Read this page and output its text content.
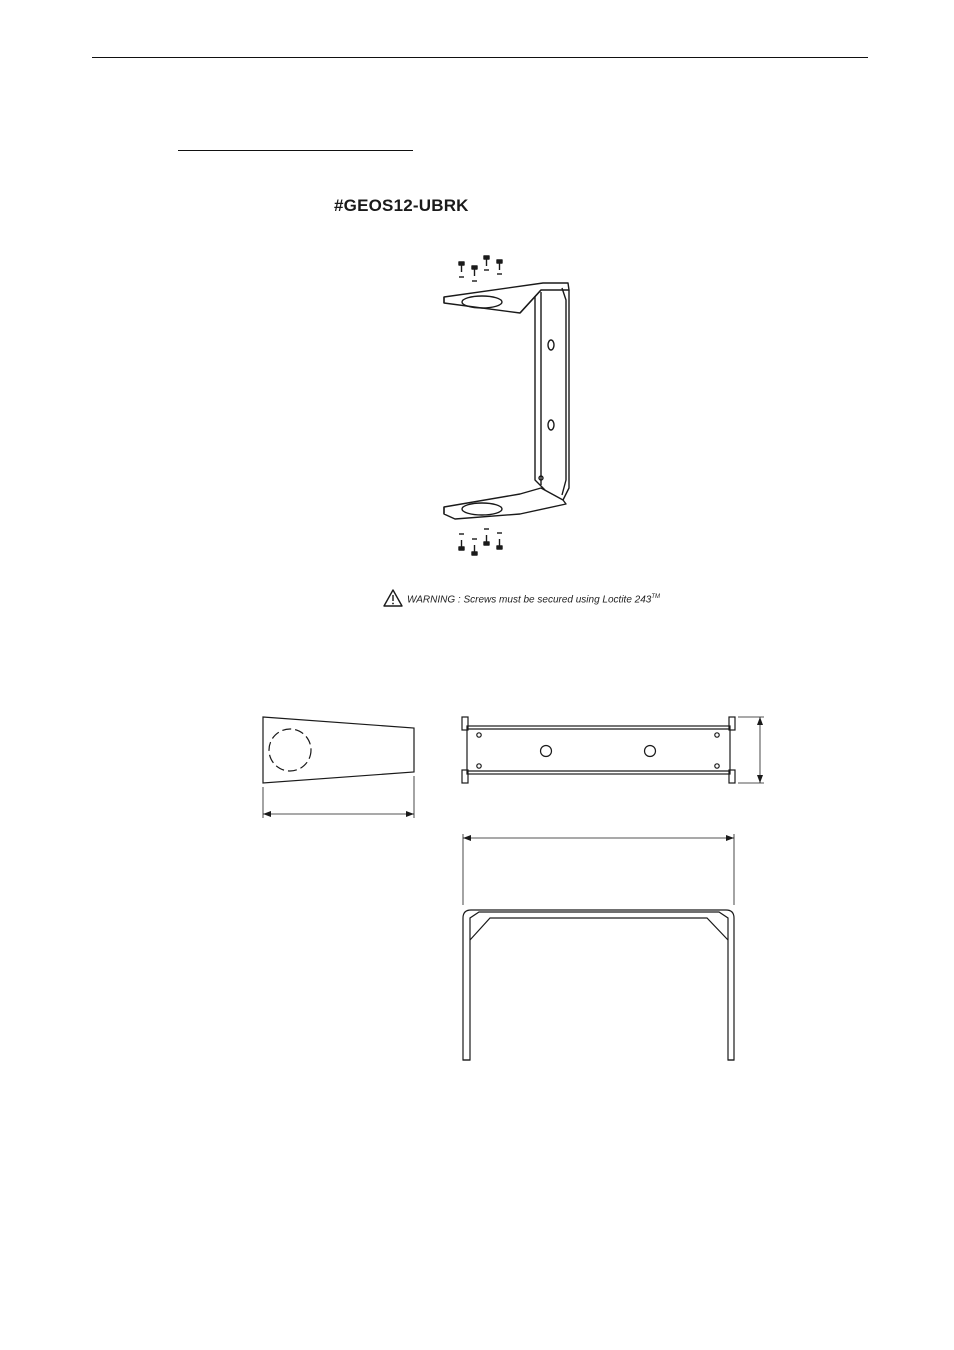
#GEOS12-UBRK
WARNING : Screws must be secured using Loctite 243™
